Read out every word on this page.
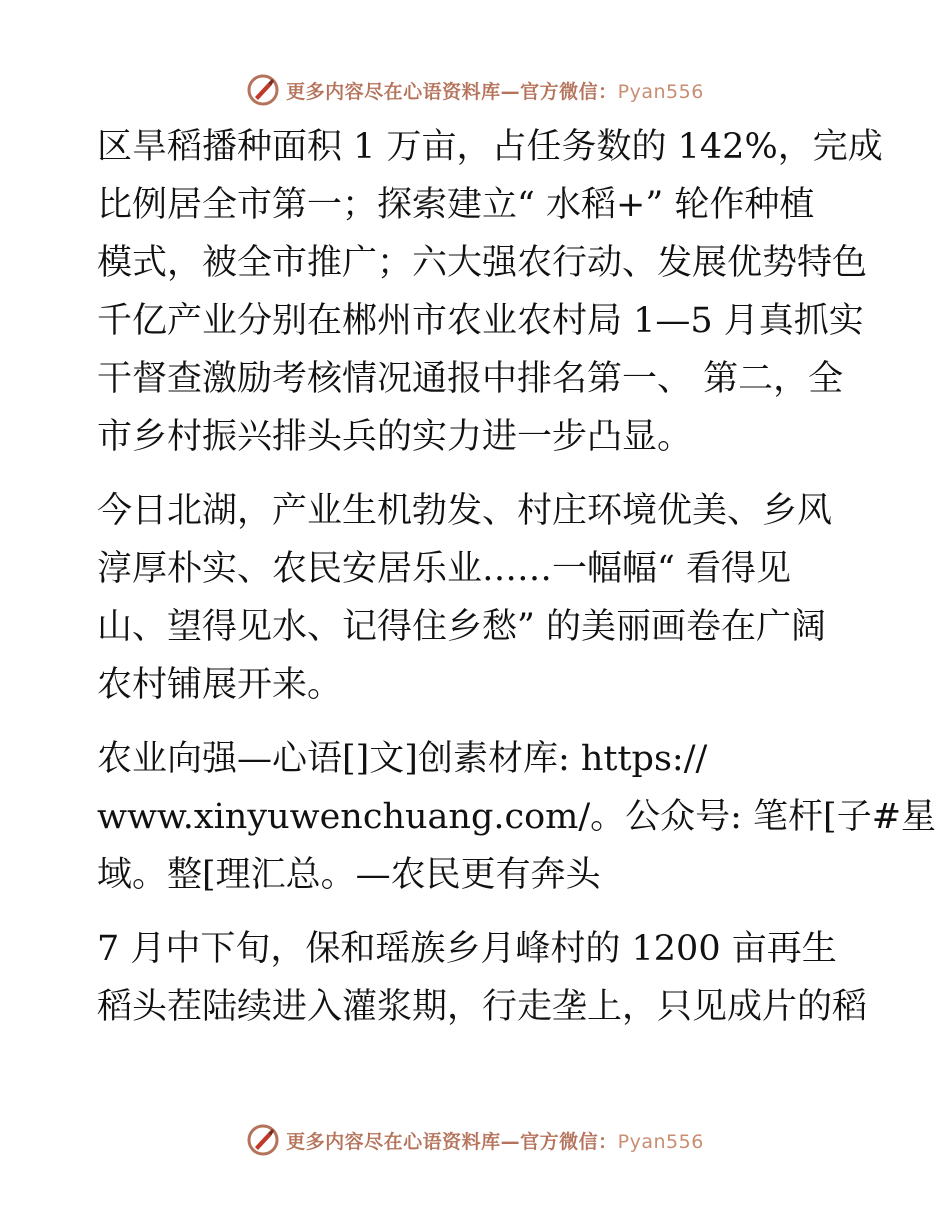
更多内容尽在心语资料库—官方微信：Pyan556

区旱稻播种面积 1 万亩，占任务数的 142%，完成
比例居全市第一；探索建立“ 水稻+” 轮作种植
模式，被全市推广；六大强农行动、发展优势特色
千亿产业分别在郴州市农业农村局 1—5 月真抓实
干督查激励考核情况通报中排名第一、 第二，全
市乡村振兴排头兵的实力进一步凸显。

今日北湖，产业生机勃发、村庄环境优美、乡风
淳厚朴实、农民安居乐业……一幅幅“ 看得见
山、望得见水、记得住乡愁” 的美丽画卷在广阔
农村铺展开来。

农业向强—心语[]文]创素材库: https://
www.xinyuwenchuang.com/。公众号: 笔杆[子#星
域。整[理汇总。—农民更有奔头

7 月中下旬，保和瑶族乡月峰村的 1200 亩再生
稻头茬陆续进入灌浆期，行走垄上，只见成片的稻

更多内容尽在心语资料库—官方微信：Pyan556
